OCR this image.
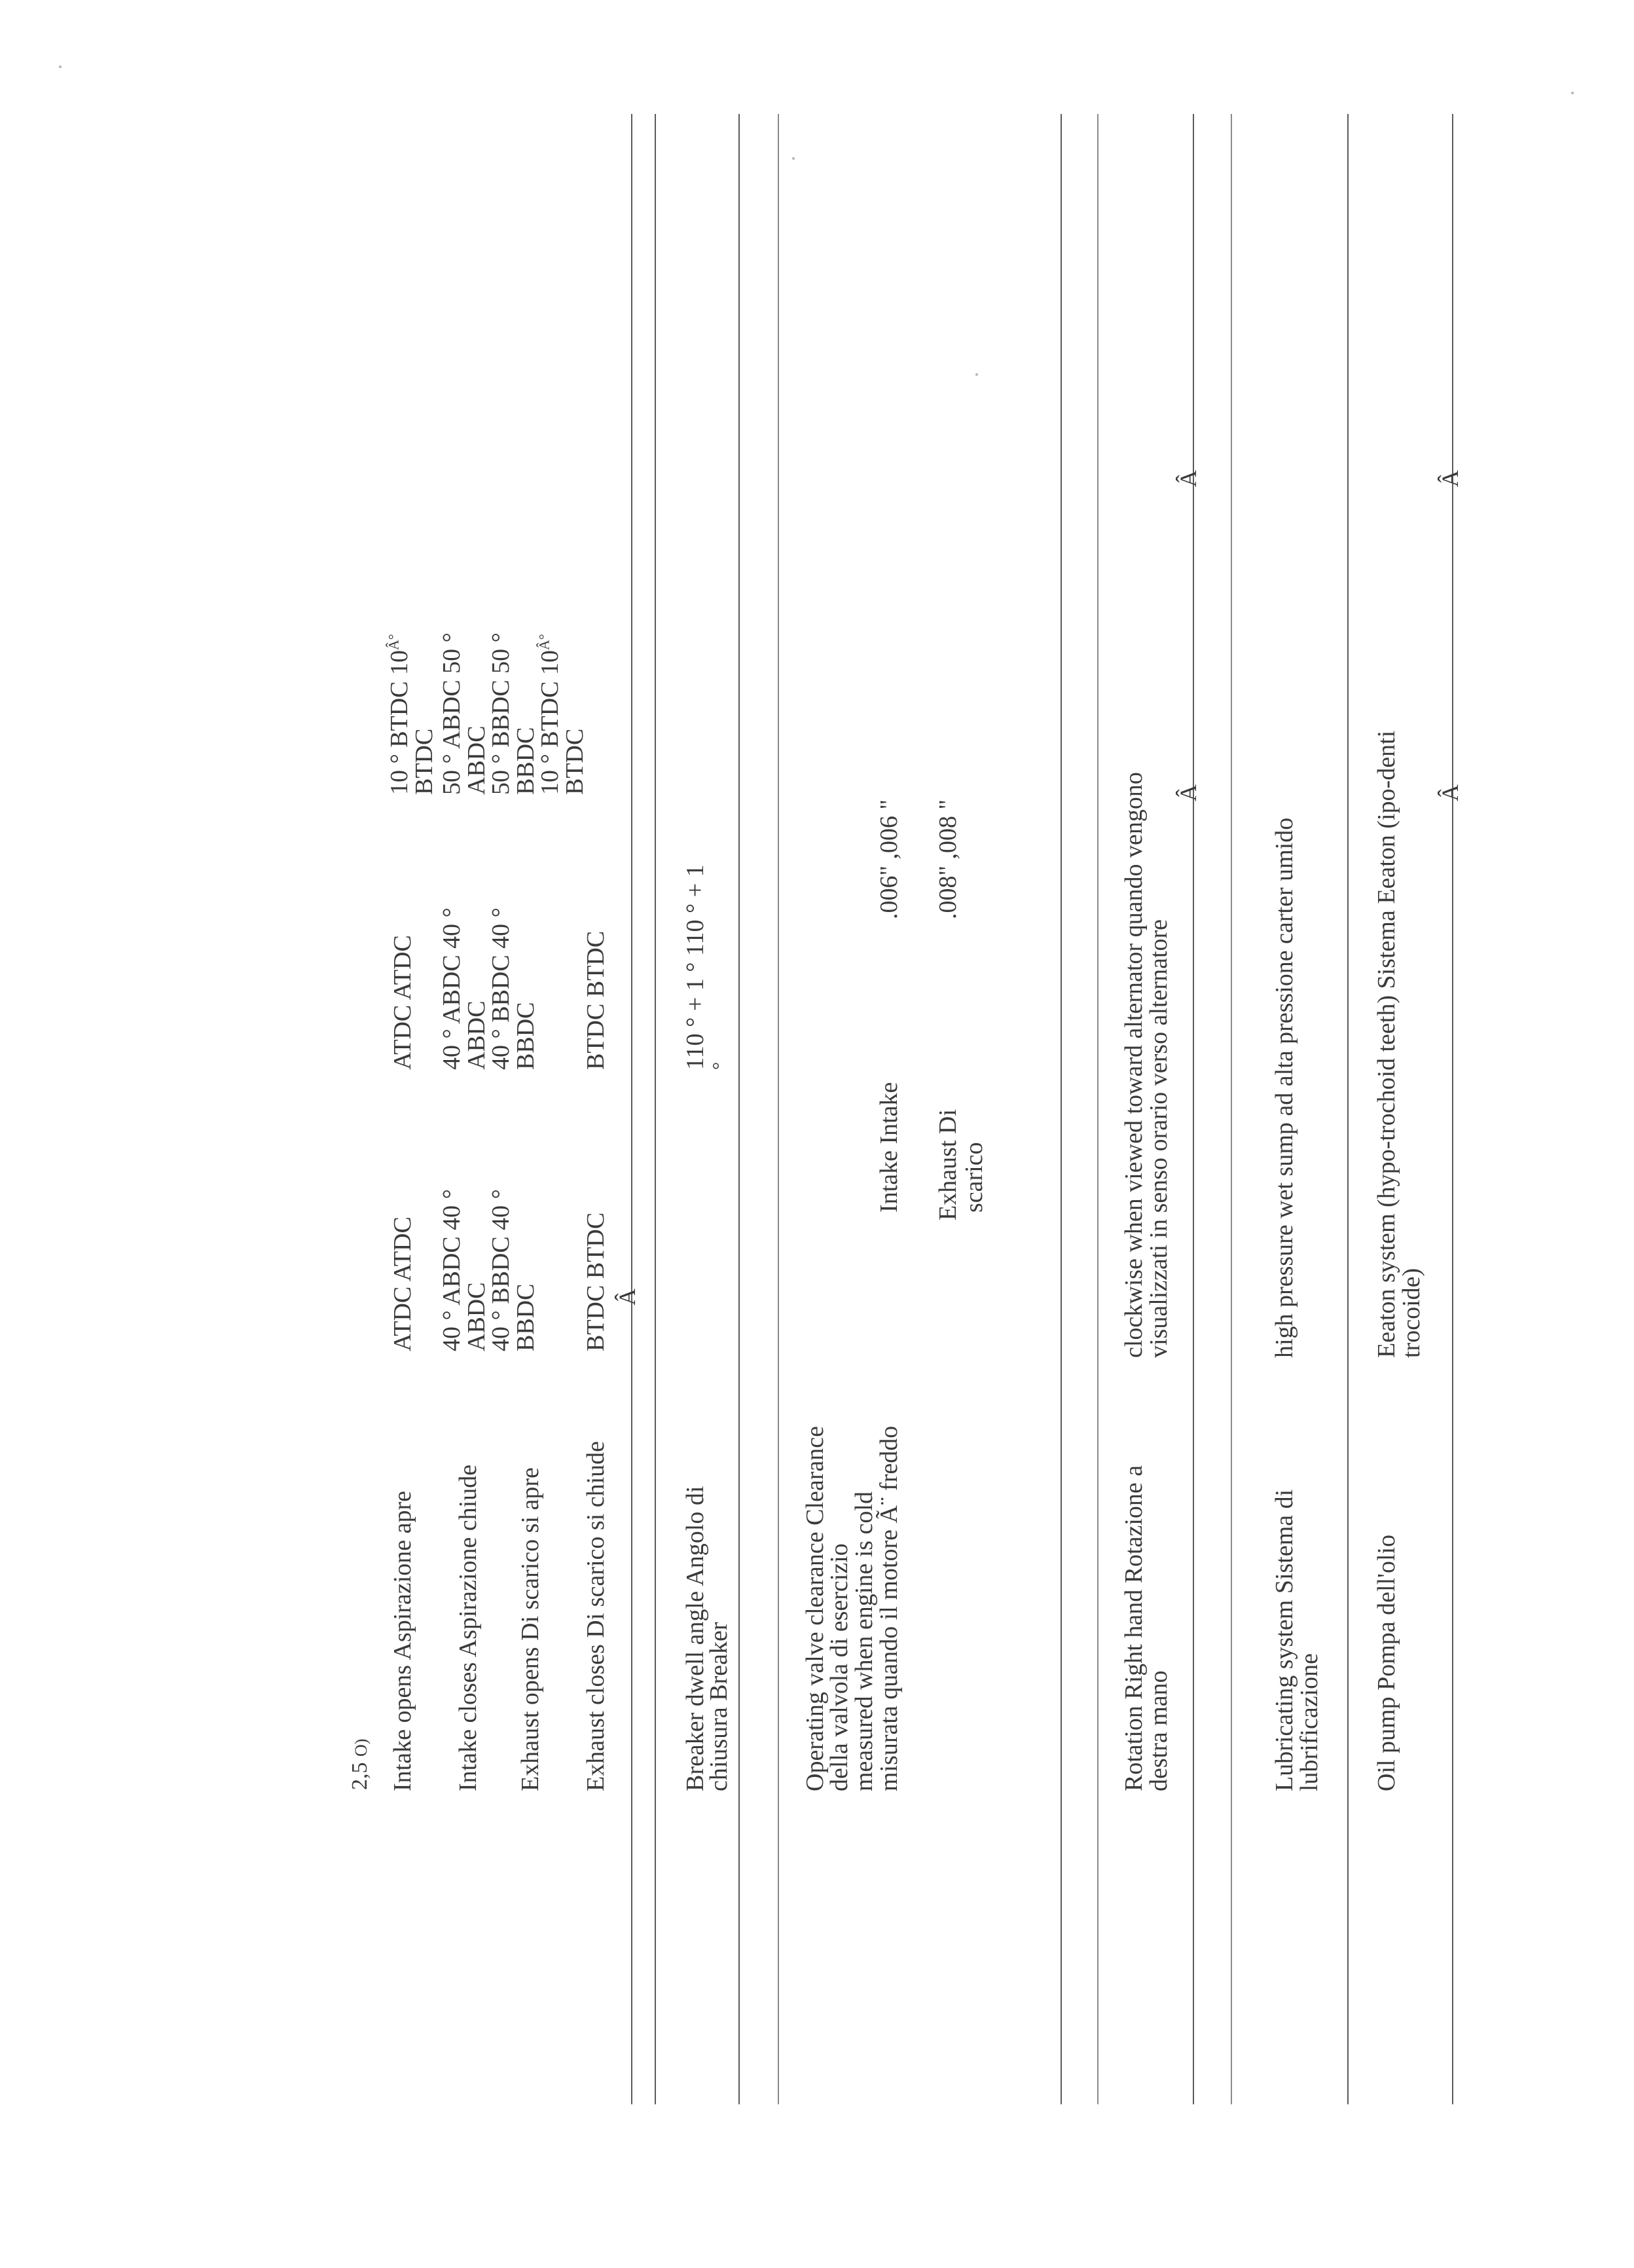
2,5 O) Intake opens Aspirazione apre Intake closes Aspirazione chiude Exhaust opens Di scarico si apre Exhaust closes Di scarico si chiude
ATDC ATDC 40 ° ABDC 40 °
ABDC
40 ° BBDC 40 °
BBDC BTDC BTDC
ATDC ATDC 40 ° ABDC 40 °
ABDC
40 ° BBDC 40 °
BBDC BTDC BTDC
10 ° BTDC $10^{Â^\circ}$
BTDC 50 ° ABDC 50 °
ABDC
50 ° BBDC 50 °
BBDC
10 ° BTDC $10^{Â^\circ}$
BTDC
Â
Breaker dwell angle Angolo di
chiusura Breaker
110 ° + 1 ° 110 ° + 1 °
Operating valve clearance Clearance
della valvola di esercizio
measured when engine is cold
misurata quando il motore Ã¨ freddo
Intake Intake
.006" ,006 "
Exhaust Di
scarico
.008" ,008 "
Rotation Right hand Rotazione a
destra mano
clockwise when viewed toward alternator quando vengono
visualizzati in senso orario verso alternatore
Â
Â
Lubricating system Sistema di
lubrificazione
high pressure wet sump ad alta pressione carter umido
Oil pump Pompa dell'olio
Eeaton system (hypo-trochoid teeth) Sistema Eeaton (ipo-denti
trocoide)
Â
Â
